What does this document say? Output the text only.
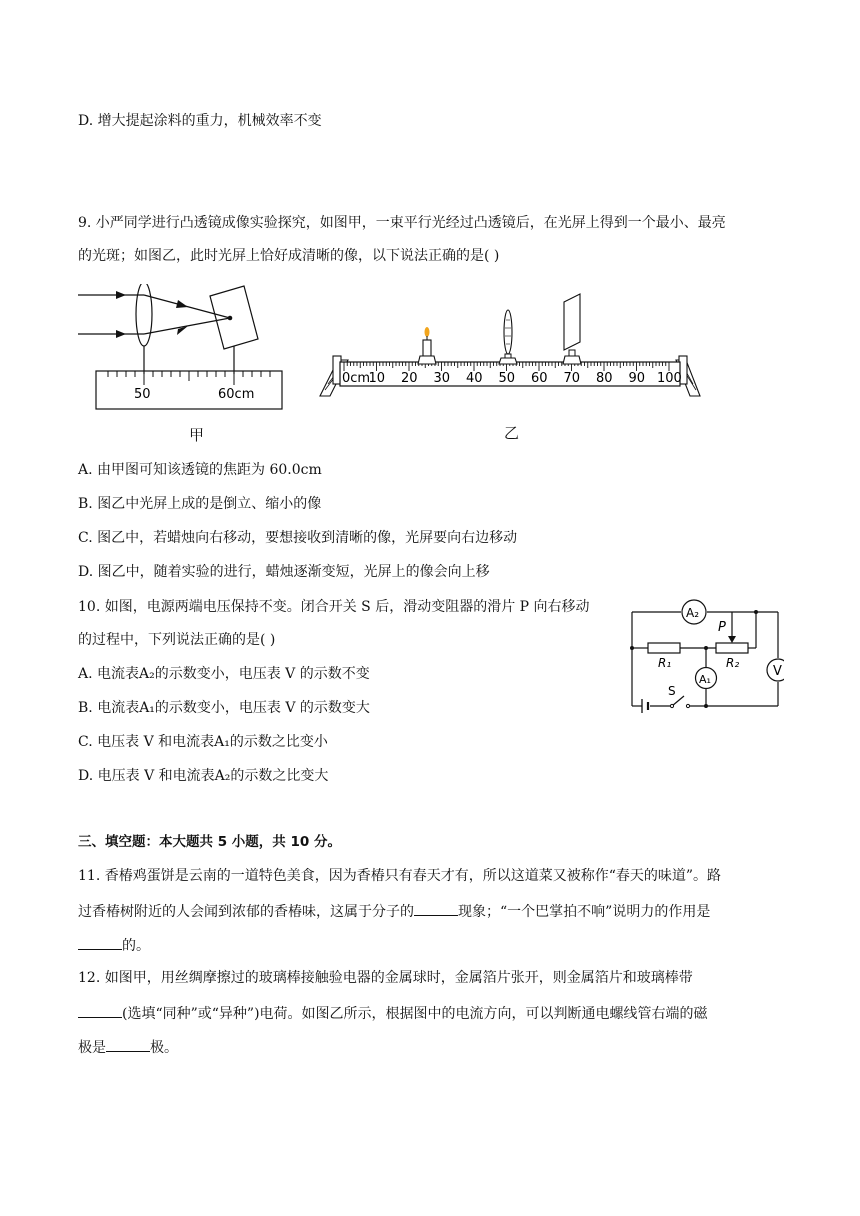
D. 增大提起涂料的重力，机械效率不变
9. 小严同学进行凸透镜成像实验探究，如图甲，一束平行光经过凸透镜后，在光屏上得到一个最小、最亮
的光斑；如图乙，此时光屏上恰好成清晰的像，以下说法正确的是( )
50	60cm
甲
0cm
10 20 30 40 50 60 70 80 90 100
乙
A. 由甲图可知该透镜的焦距为 60.0cm
B. 图乙中光屏上成的是倒立、缩小的像
C. 图乙中，若蜡烛向右移动，要想接收到清晰的像，光屏要向右边移动
D. 图乙中，随着实验的进行，蜡烛逐渐变短，光屏上的像会向上移
10. 如图，电源两端电压保持不变。闭合开关 S 后，滑动变阻器的滑片 P 向右移动
的过程中，下列说法正确的是( )
A₂
A₁
V
P
R₁	R₂
S
A. 电流表A₂的示数变小，电压表 V 的示数不变
B. 电流表A₁的示数变小，电压表 V 的示数变大
C. 电压表 V 和电流表A₁的示数之比变小
D. 电压表 V 和电流表A₂的示数之比变大
三、填空题：本大题共 5 小题，共 10 分。
11. 香椿鸡蛋饼是云南的一道特色美食，因为香椿只有春天才有，所以这道菜又被称作“春天的味道”。路
过香椿树附近的人会闻到浓郁的香椿味，这属于分子的	现象；“一个巴掌拍不响”说明力的作用是
的。
12. 如图甲，用丝绸摩擦过的玻璃棒接触验电器的金属球时，金属箔片张开，则金属箔片和玻璃棒带
(选填“同种”或“异种”)电荷。如图乙所示，根据图中的电流方向，可以判断通电螺线管右端的磁
极是	极。
